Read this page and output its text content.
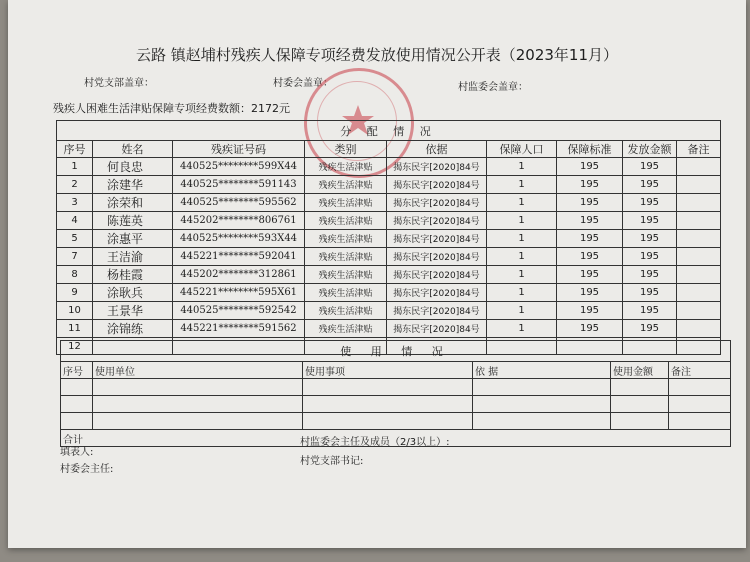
云路 镇赵埔村残疾人保障专项经费发放使用情况公开表（2023年11月）
村党支部盖章：	村委会盖章：	村监委会盖章：
残疾人困难生活津贴保障专项经费数额：2172元
分 配 情 况								
序号	姓名	残疾证号码	类别	依据	保障人口	保障标准	发放金额	备注
1	何良忠	440525********599X44	残疾生活津贴	揭东民字[2020]84号	1	195	195	
2	涂建华	440525********591143	残疾生活津贴	揭东民字[2020]84号	1	195	195	
3	涂荣和	440525********595562	残疾生活津贴	揭东民字[2020]84号	1	195	195	
4	陈莲英	445202********806761	残疾生活津贴	揭东民字[2020]84号	1	195	195	
5	涂惠平	440525********593X44	残疾生活津贴	揭东民字[2020]84号	1	195	195	
7	王洁渝	445221********592041	残疾生活津贴	揭东民字[2020]84号	1	195	195	
8	杨桂霞	445202********312861	残疾生活津贴	揭东民字[2020]84号	1	195	195	
9	涂耿兵	445221********595X61	残疾生活津贴	揭东民字[2020]84号	1	195	195	
10	王景华	440525********592542	残疾生活津贴	揭东民字[2020]84号	1	195	195	
11	涂锦练	445221********591562	残疾生活津贴	揭东民字[2020]84号	1	195	195	
12									使 用 情 况					
序号	使用单位	使用事项	依 据	使用金额	备注

合计					
填表人:
村委会主任:
村监委会主任及成员（2/3以上）:
村党支部书记:
